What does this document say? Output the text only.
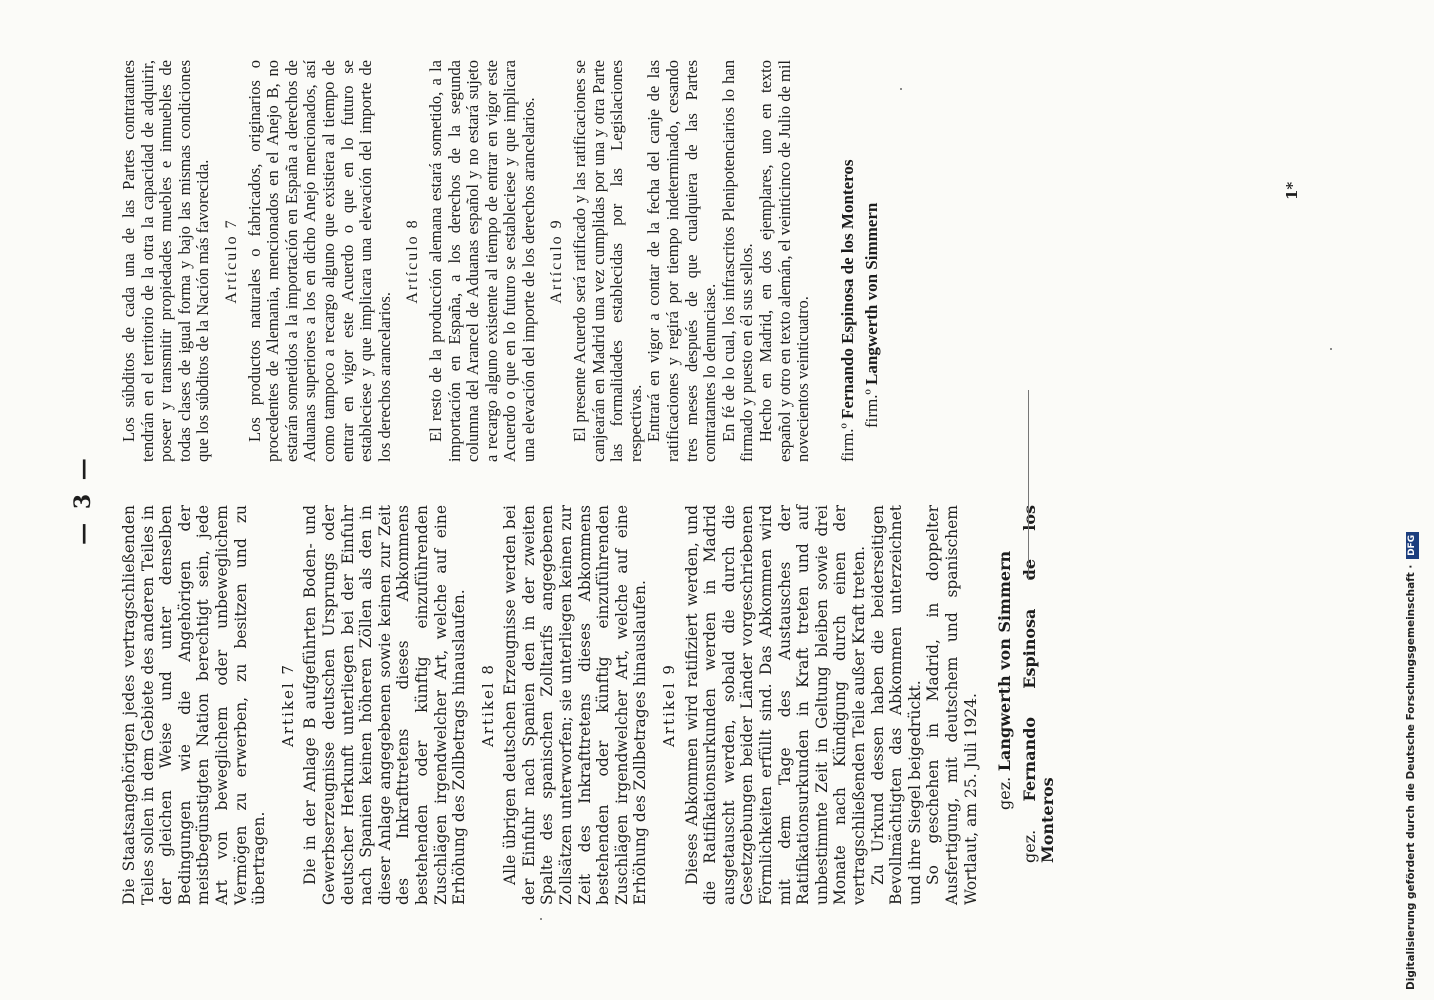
— 3 —

Die Staatsangehörigen jedes vertragschließenden Teiles sollen in dem Gebiete des anderen Teiles in der gleichen Weise und unter denselben Bedingungen wie die Angehörigen der meistbegünstigten Nation berechtigt sein, jede Art von beweglichem oder unbeweglichem Vermögen zu erwerben, zu besitzen und zu übertragen.

Artikel 7 Die in der Anlage B aufgeführten Boden- und Gewerbserzeugnisse deutschen Ursprungs oder deutscher Herkunft unterliegen bei der Einfuhr nach Spanien keinen höheren Zöllen als den in dieser Anlage angegebenen sowie keinen zur Zeit des Inkrafttretens dieses Abkommens bestehenden oder künftig einzuführenden Zuschlägen irgendwelcher Art, welche auf eine Erhöhung des Zollbetrags hinauslaufen. Artikel 8 Alle übrigen deutschen Erzeugnisse werden bei der Einfuhr nach Spanien den in der zweiten Spalte des spanischen Zolltarifs angegebenen Zollsätzen unterworfen; sie unterliegen keinen zur Zeit des Inkrafttretens dieses Abkommens bestehenden oder künftig einzuführenden Zuschlägen irgendwelcher Art, welche auf eine Erhöhung des Zollbetrages hinauslaufen. Artikel 9 Dieses Abkommen wird ratifiziert werden, und die Ratifikationsurkunden werden in Madrid ausgetauscht werden, sobald die durch die Gesetzgebungen beider Länder vorgeschriebenen Förmlichkeiten erfüllt sind. Das Abkommen wird mit dem Tage des Austausches der Ratifikationsurkunden in Kraft treten und auf unbestimmte Zeit in Geltung bleiben sowie drei Monate nach Kündigung durch einen der vertragschließenden Teile außer Kraft treten. Zu Urkund dessen haben die beiderseitigen Bevollmächtigten das Abkommen unterzeichnet und ihre Siegel beigedrückt. So geschehen in Madrid, in doppelter Ausfertigung, mit deutschem und spanischem Wortlaut, am 25. Juli 1924. gez. Langwerth von Simmern

gez. Fernando Espinosa de los Monteros

Los súbditos de cada una de las Partes contratantes tendrán en el territorio de la otra la capacidad de adquirir, poseer y transmitir propiedades muebles e inmuebles de todas clases de igual forma y bajo las mismas condiciones que los súbditos de la Nación más favorecida. Artículo 7 Los productos naturales o fabricados, originarios o procedentes de Alemania, mencionados en el Anejo B, no estarán sometidos a la importación en España a derechos de Aduanas superiores a los en dicho Anejo mencionados, así como tampoco a recargo alguno que existiera al tiempo de entrar en vigor este Acuerdo o que en lo futuro se estableciese y que implicara una elevación del importe de los derechos arancelarios.

Artículo 8 El resto de la producción alemana estará sometido, a la importación en España, a los derechos de la segunda columna del Arancel de Aduanas español y no estará sujeto a recargo alguno existente al tiempo de entrar en vigor este Acuerdo o que en lo futuro se estableciese y que implicara una elevación del importe de los derechos arancelarios. Artículo 9 El presente Acuerdo será ratificado y las ratificaciones se canjearán en Madrid una vez cumplidas por una y otra Parte las formalidades establecidas por las Legislaciones respectivas. Entrará en vigor a contar de la fecha del canje de las ratificaciones y regirá por tiempo indeterminado, cesando tres meses después de que cualquiera de las Partes contratantes lo denunciase. En fé de lo cual, los infrascritos Plenipotenciarios lo han firmado y puesto en él sus sellos. Hecho en Madrid, en dos ejemplares, uno en texto español y otro en texto alemán, el veinticinco de Julio de mil novecientos veinticuatro. firm.º Fernando Espinosa de los Monteros firm.º Langwerth von Simmern

1*
Digitalisierung gefördert durch die Deutsche Forschungsgemeinschaft · DFG
